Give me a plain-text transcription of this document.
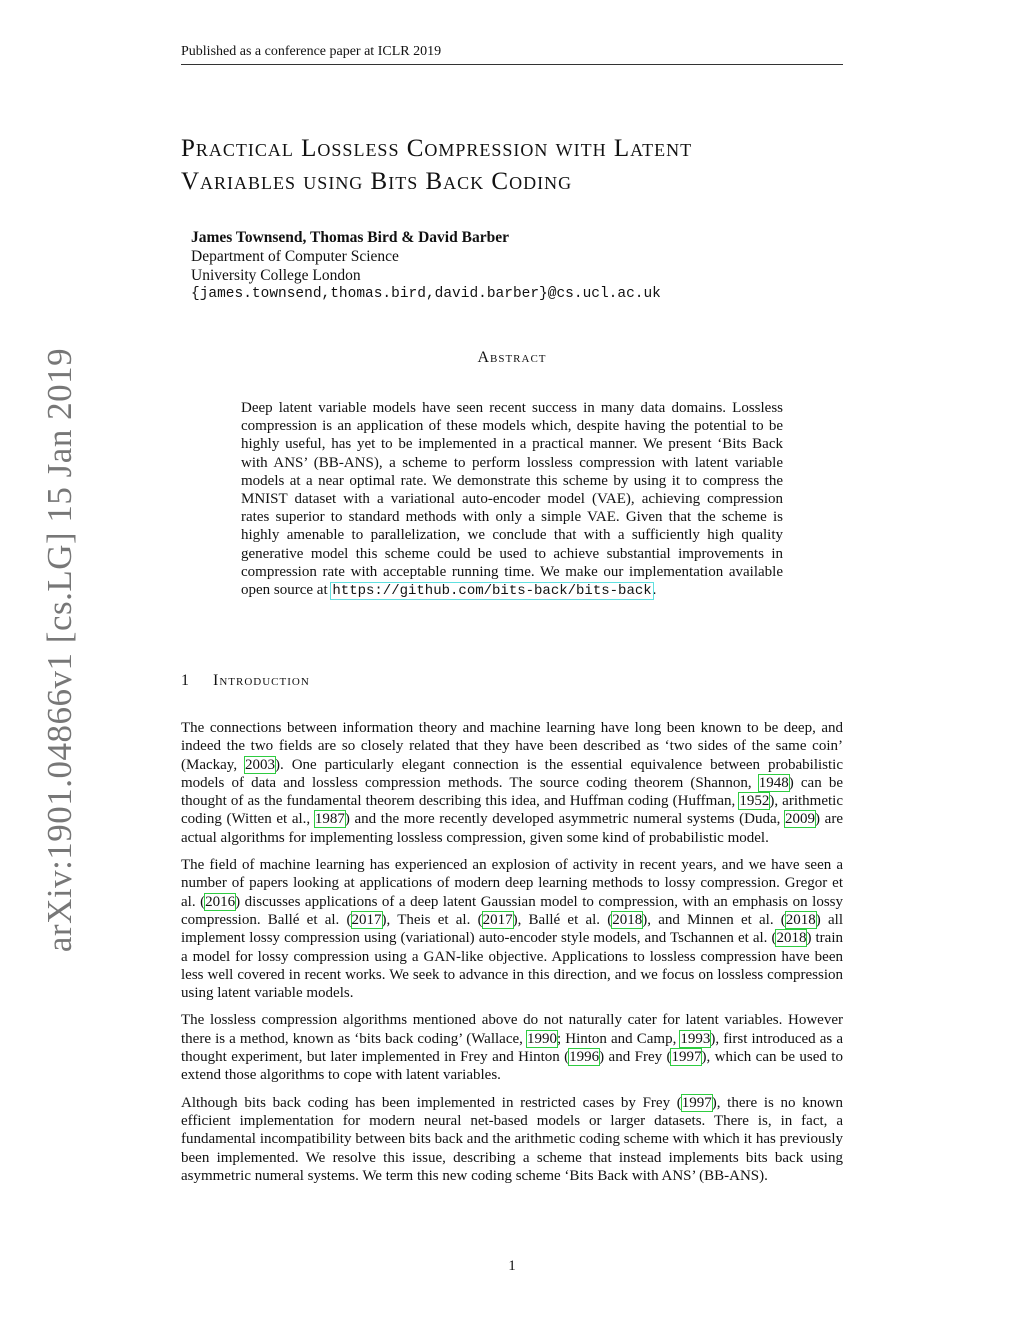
Published as a conference paper at ICLR 2019
arXiv:1901.04866v1 [cs.LG] 15 Jan 2019
Practical Lossless Compression with Latent
Variables using Bits Back Coding
James Townsend, Thomas Bird & David Barber
Department of Computer Science
University College London
{james.townsend,thomas.bird,david.barber}@cs.ucl.ac.uk
Abstract
Deep latent variable models have seen recent success in many data domains. Lossless compression is an application of these models which, despite having the potential to be highly useful, has yet to be implemented in a practical manner. We present ‘Bits Back with ANS’ (BB-ANS), a scheme to perform lossless compression with latent variable models at a near optimal rate. We demonstrate this scheme by using it to compress the MNIST dataset with a variational auto-encoder model (VAE), achieving compression rates superior to standard methods with only a simple VAE. Given that the scheme is highly amenable to parallelization, we conclude that with a sufficiently high quality generative model this scheme could be used to achieve substantial improvements in compression rate with acceptable running time. We make our implementation available open source at https://github.com/bits-back/bits-back.
1 Introduction

The connections between information theory and machine learning have long been known to be deep, and indeed the two fields are so closely related that they have been described as ‘two sides of the same coin’ (Mackay, 2003). One particularly elegant connection is the essential equivalence between probabilistic models of data and lossless compression methods. The source coding theorem (Shannon, 1948) can be thought of as the fundamental theorem describing this idea, and Huffman coding (Huffman, 1952), arithmetic coding (Witten et al., 1987) and the more recently developed asymmetric numeral systems (Duda, 2009) are actual algorithms for implementing lossless compression, given some kind of probabilistic model.

The field of machine learning has experienced an explosion of activity in recent years, and we have seen a number of papers looking at applications of modern deep learning methods to lossy compression. Gregor et al. (2016) discusses applications of a deep latent Gaussian model to compression, with an emphasis on lossy compression. Ballé et al. (2017), Theis et al. (2017), Ballé et al. (2018), and Minnen et al. (2018) all implement lossy compression using (variational) auto-encoder style models, and Tschannen et al. (2018) train a model for lossy compression using a GAN-like objective. Applications to lossless compression have been less well covered in recent works. We seek to advance in this direction, and we focus on lossless compression using latent variable models.

The lossless compression algorithms mentioned above do not naturally cater for latent variables. However there is a method, known as ‘bits back coding’ (Wallace, 1990; Hinton and Camp, 1993), first introduced as a thought experiment, but later implemented in Frey and Hinton (1996) and Frey (1997), which can be used to extend those algorithms to cope with latent variables.

Although bits back coding has been implemented in restricted cases by Frey (1997), there is no known efficient implementation for modern neural net-based models or larger datasets. There is, in fact, a fundamental incompatibility between bits back and the arithmetic coding scheme with which it has previously been implemented. We resolve this issue, describing a scheme that instead implements bits back using asymmetric numeral systems. We term this new coding scheme ‘Bits Back with ANS’ (BB-ANS).

1
